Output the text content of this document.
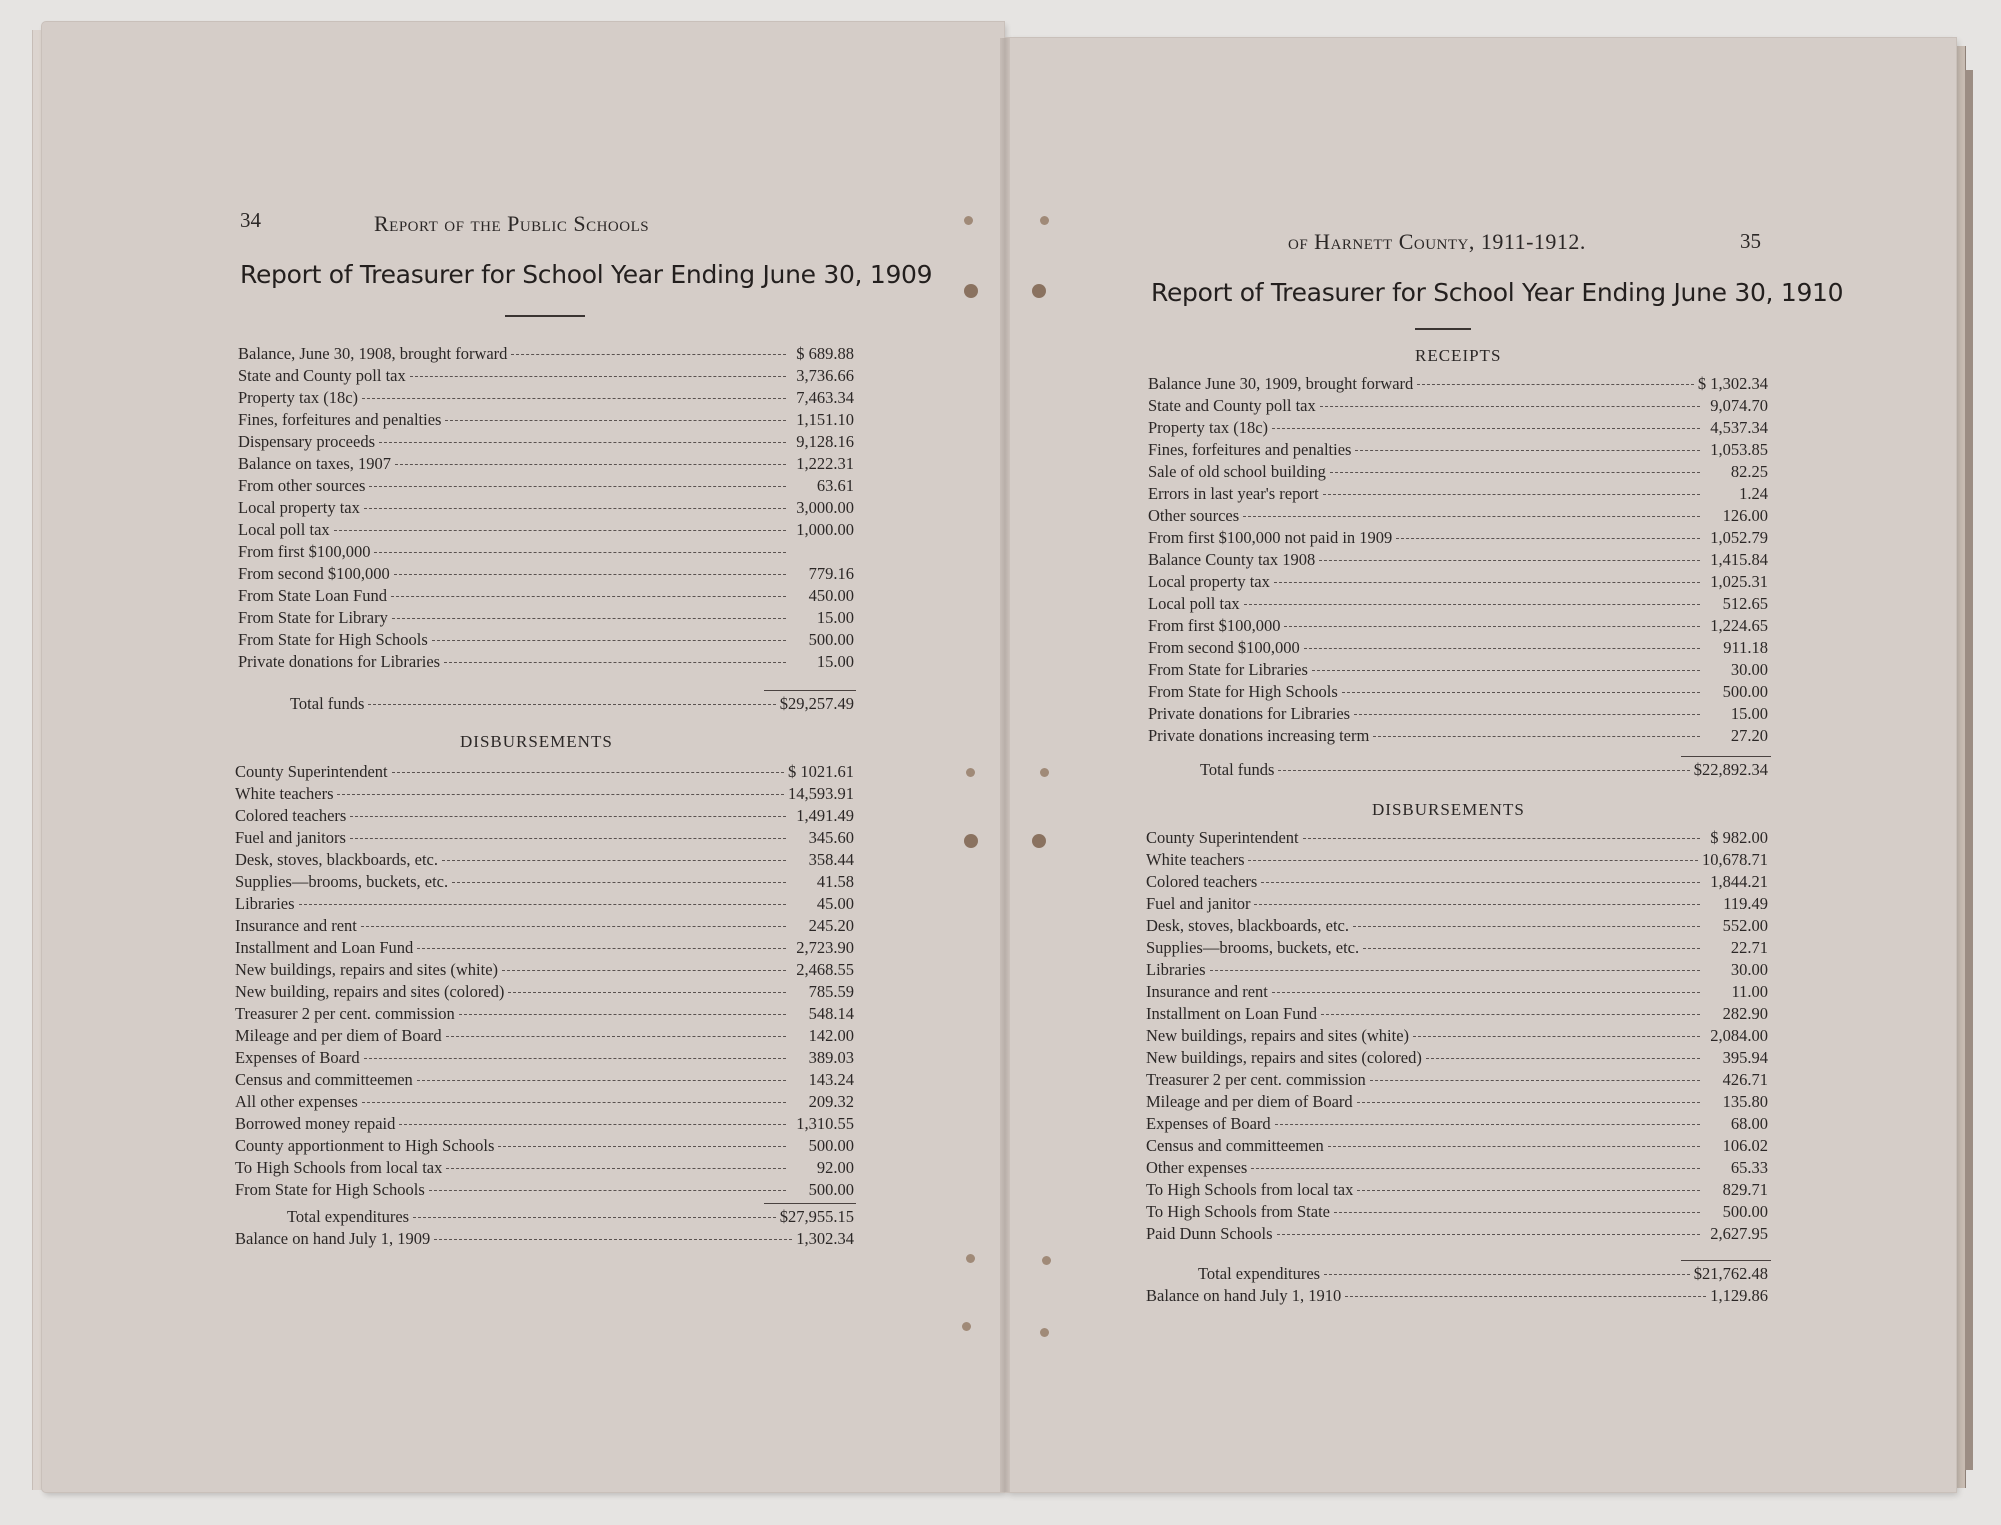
34	Report of the Public Schools
Report of Treasurer for School Year Ending June 30, 1909
Balance, June 30, 1908, brought forward	$ 689.88
State and County poll tax	3,736.66
Property tax (18c)	7,463.34
Fines, forfeitures and penalties	1,151.10
Dispensary proceeds	9,128.16
Balance on taxes, 1907	1,222.31
From other sources	63.61
Local property tax	3,000.00
Local poll tax	1,000.00
From first $100,000
From second $100,000	779.16
From State Loan Fund	450.00
From State for Library	15.00
From State for High Schools	500.00
Private donations for Libraries	15.00
Total funds	$29,257.49
DISBURSEMENTS
County Superintendent	$ 1021.61
White teachers	14,593.91
Colored teachers	1,491.49
Fuel and janitors	345.60
Desk, stoves, blackboards, etc.	358.44
Supplies—brooms, buckets, etc.	41.58
Libraries	45.00
Insurance and rent	245.20
Installment and Loan Fund	2,723.90
New buildings, repairs and sites (white)	2,468.55
New building, repairs and sites (colored)	785.59
Treasurer 2 per cent. commission	548.14
Mileage and per diem of Board	142.00
Expenses of Board	389.03
Census and committeemen	143.24
All other expenses	209.32
Borrowed money repaid	1,310.55
County apportionment to High Schools	500.00
To High Schools from local tax	92.00
From State for High Schools	500.00
Total expenditures	$27,955.15
Balance on hand July 1, 1909	1,302.34
of Harnett County, 1911-1912.	35
Report of Treasurer for School Year Ending June 30, 1910
RECEIPTS
Balance June 30, 1909, brought forward	$ 1,302.34
State and County poll tax	9,074.70
Property tax (18c)	4,537.34
Fines, forfeitures and penalties	1,053.85
Sale of old school building	82.25
Errors in last year's report	1.24
Other sources	126.00
From first $100,000 not paid in 1909	1,052.79
Balance County tax 1908	1,415.84
Local property tax	1,025.31
Local poll tax	512.65
From first $100,000	1,224.65
From second $100,000	911.18
From State for Libraries	30.00
From State for High Schools	500.00
Private donations for Libraries	15.00
Private donations increasing term	27.20
Total funds	$22,892.34
DISBURSEMENTS
County Superintendent	$ 982.00
White teachers	10,678.71
Colored teachers	1,844.21
Fuel and janitor	119.49
Desk, stoves, blackboards, etc.	552.00
Supplies—brooms, buckets, etc.	22.71
Libraries	30.00
Insurance and rent	11.00
Installment on Loan Fund	282.90
New buildings, repairs and sites (white)	2,084.00
New buildings, repairs and sites (colored)	395.94
Treasurer 2 per cent. commission	426.71
Mileage and per diem of Board	135.80
Expenses of Board	68.00
Census and committeemen	106.02
Other expenses	65.33
To High Schools from local tax	829.71
To High Schools from State	500.00
Paid Dunn Schools	2,627.95
Total expenditures	$21,762.48
Balance on hand July 1, 1910	1,129.86
